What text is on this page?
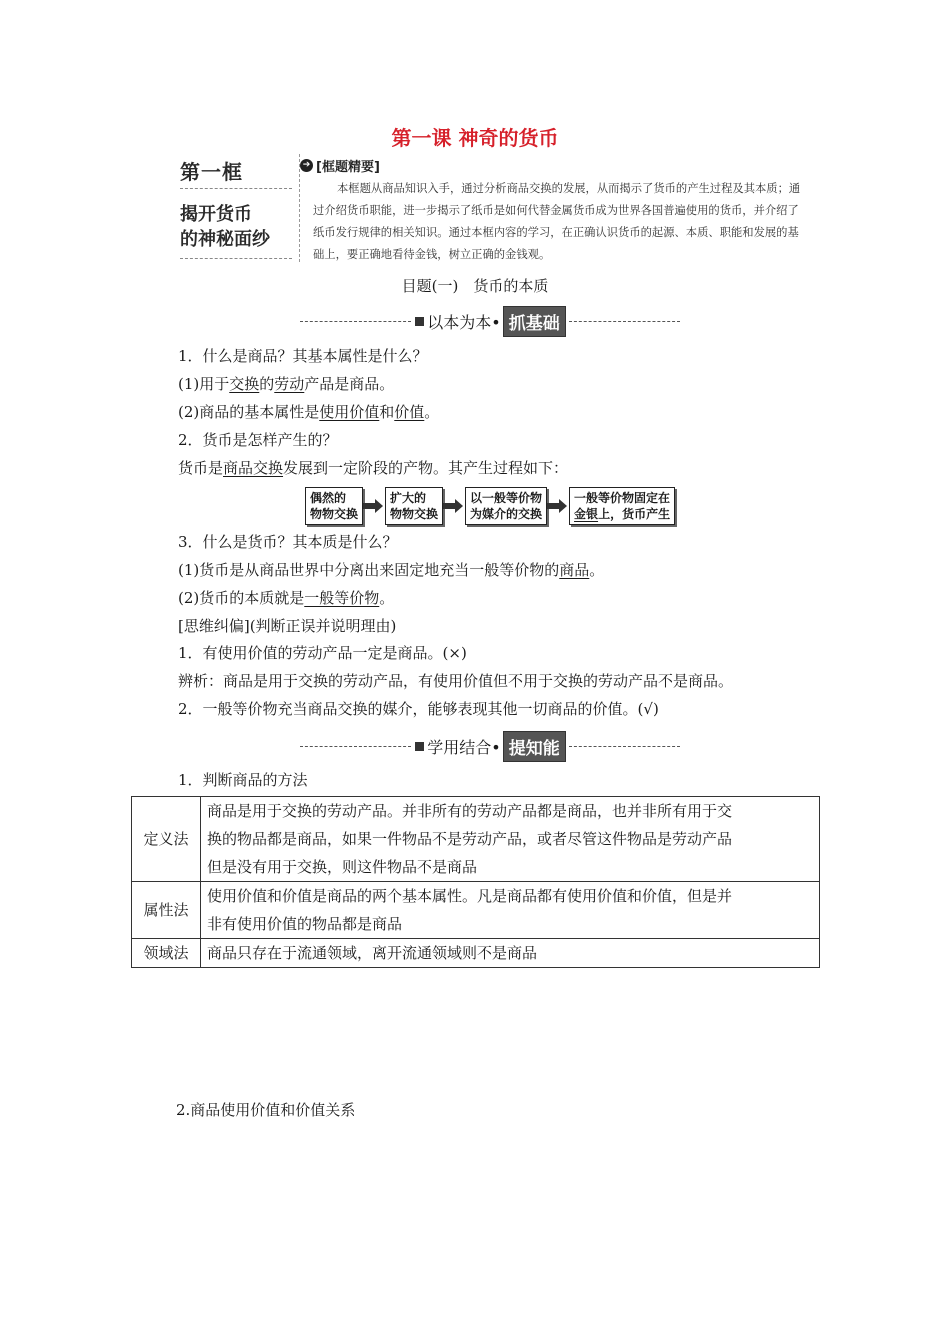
第一课 神奇的货币
第一框
揭开货币
的神秘面纱
➔ [框题精要]
本框题从商品知识入手，通过分析商品交换的发展，从而揭示了货币的产生过程及其本质；通过介绍货币职能，进一步揭示了纸币是如何代替金属货币成为世界各国普遍使用的货币，并介绍了纸币发行规律的相关知识。通过本框内容的学习，在正确认识货币的起源、本质、职能和发展的基础上，要正确地看待金钱，树立正确的金钱观。
目题(一)　货币的本质
以本为本• 抓基础
1．什么是商品？其基本属性是什么？
(1)用于交换的劳动产品是商品。
(2)商品的基本属性是使用价值和价值。
2．货币是怎样产生的？
货币是商品交换发展到一定阶段的产物。其产生过程如下：
偶然的
物物交换
扩大的
物物交换
以一般等价物
为媒介的交换
一般等价物固定在
金银上，货币产生
3．什么是货币？其本质是什么？
(1)货币是从商品世界中分离出来固定地充当一般等价物的商品。
(2)货币的本质就是一般等价物。
[思维纠偏](判断正误并说明理由)
1．有使用价值的劳动产品一定是商品。(×)
辨析：商品是用于交换的劳动产品，有使用价值但不用于交换的劳动产品不是商品。
2．一般等价物充当商品交换的媒介，能够表现其他一切商品的价值。(√)
学用结合• 提知能
1．判断商品的方法
定义法	商品是用于交换的劳动产品。并非所有的劳动产品都是商品，也并非所有用于交
换的物品都是商品，如果一件物品不是劳动产品，或者尽管这件物品是劳动产品
但是没有用于交换，则这件物品不是商品

属性法	使用价值和价值是商品的两个基本属性。凡是商品都有使用价值和价值，但是并
非有使用价值的物品都是商品

领域法	商品只存在于流通领域，离开流通领域则不是商品
2.商品使用价值和价值关系
